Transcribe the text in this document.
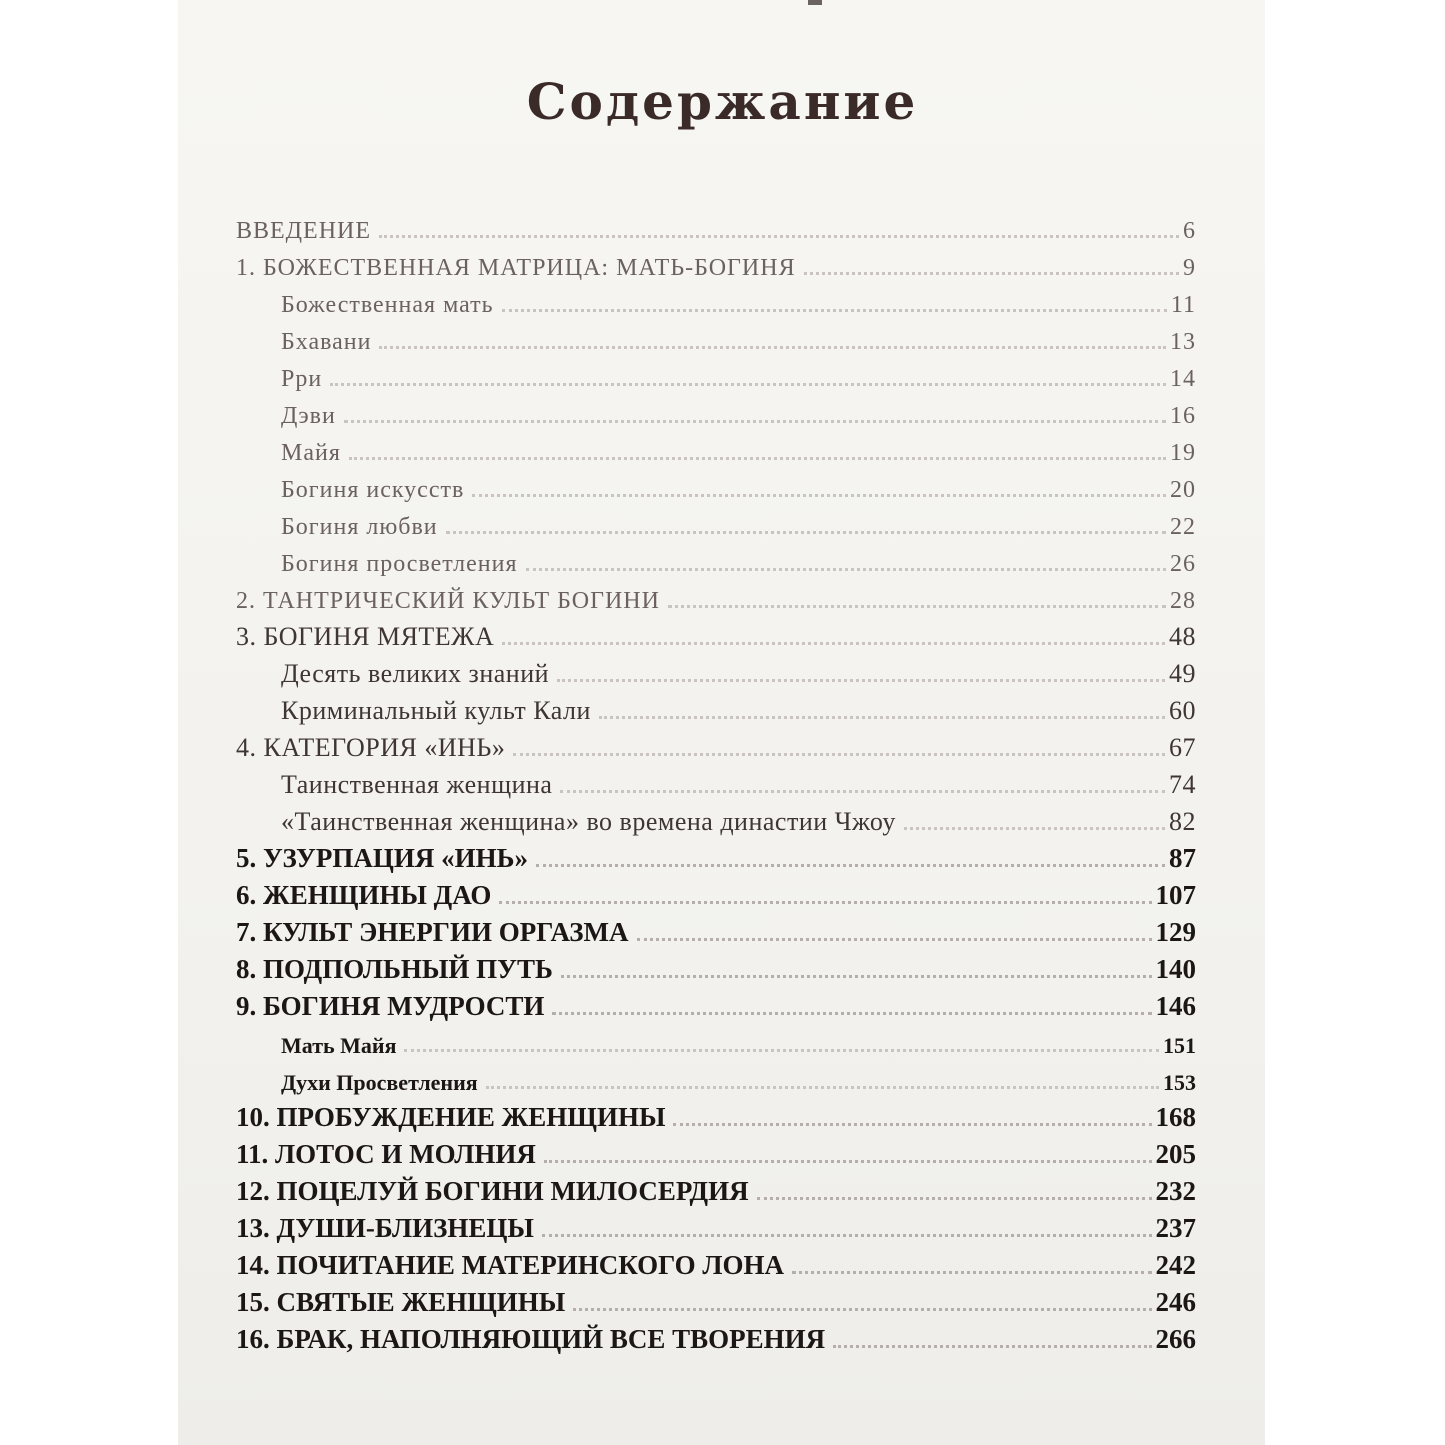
Содержание
ВВЕДЕНИЕ	6
1. БОЖЕСТВЕННАЯ МАТРИЦА: МАТЬ-БОГИНЯ	9
Божественная мать	11
Бхавани	13
Рри	14
Дэви	16
Майя	19
Богиня искусств	20
Богиня любви	22
Богиня просветления	26
2. ТАНТРИЧЕСКИЙ КУЛЬТ БОГИНИ	28
3. БОГИНЯ МЯТЕЖА	48
Десять великих знаний	49
Криминальный культ Кали	60
4. КАТЕГОРИЯ «ИНЬ»	67
Таинственная женщина	74
«Таинственная женщина» во времена династии Чжоу	82
5. УЗУРПАЦИЯ «ИНЬ»	87
6. ЖЕНЩИНЫ ДАО	107
7. КУЛЬТ ЭНЕРГИИ ОРГАЗМА	129
8. ПОДПОЛЬНЫЙ ПУТЬ	140
9. БОГИНЯ МУДРОСТИ	146
Мать Майя	151
Духи Просветления	153
10. ПРОБУЖДЕНИЕ ЖЕНЩИНЫ	168
11. ЛОТОС И МОЛНИЯ	205
12. ПОЦЕЛУЙ БОГИНИ МИЛОСЕРДИЯ	232
13. ДУШИ-БЛИЗНЕЦЫ	237
14. ПОЧИТАНИЕ МАТЕРИНСКОГО ЛОНА	242
15. СВЯТЫЕ ЖЕНЩИНЫ	246
16. БРАК, НАПОЛНЯЮЩИЙ ВСЕ ТВОРЕНИЯ	266
